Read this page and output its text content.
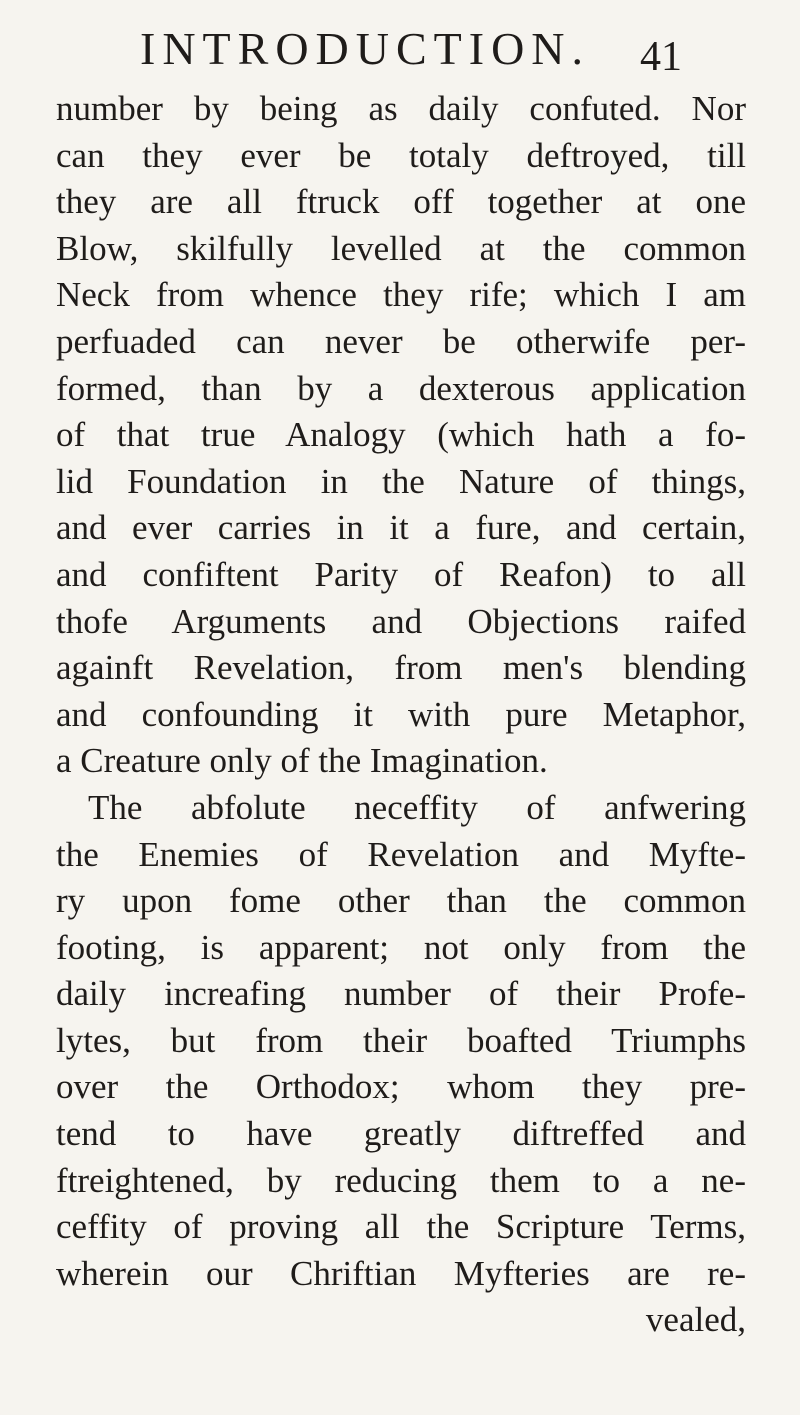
INTRODUCTION. 41
number by being as daily confuted. Nor
can they ever be totaly deftroyed, till
they are all ftruck off together at one
Blow, skilfully levelled at the common
Neck from whence they rife; which I am
perfuaded can never be otherwife per-
formed, than by a dexterous application
of that true Analogy (which hath a fo-
lid Foundation in the Nature of things,
and ever carries in it a fure, and certain,
and confiftent Parity of Reafon) to all
thofe Arguments and Objections raifed
againft Revelation, from men's blending
and confounding it with pure Metaphor,
a Creature only of the Imagination.
The abfolute neceffity of anfwering
the Enemies of Revelation and Myfte-
ry upon fome other than the common
footing, is apparent; not only from the
daily increafing number of their Profe-
lytes, but from their boafted Triumphs
over the Orthodox; whom they pre-
tend to have greatly diftreffed and
ftreightened, by reducing them to a ne-
ceffity of proving all the Scripture Terms,
wherein our Chriftian Myfteries are re-
vealed,
